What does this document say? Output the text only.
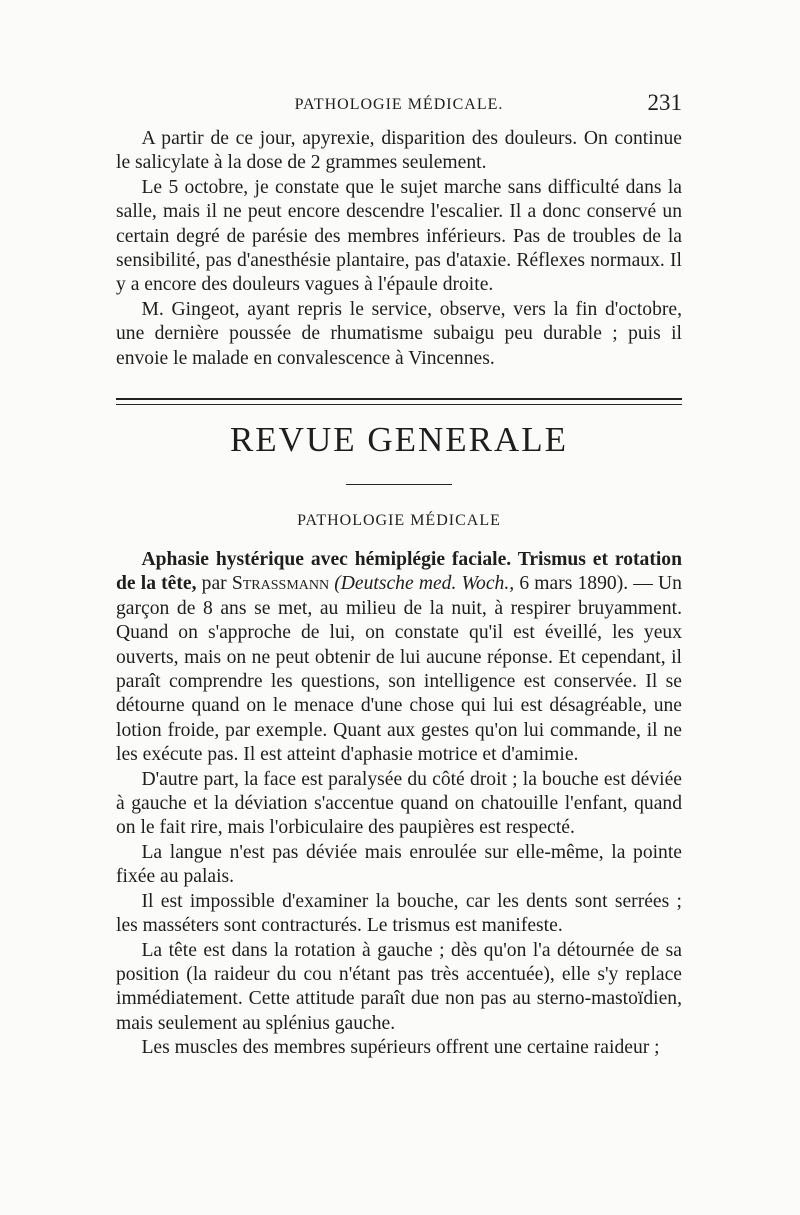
PATHOLOGIE MÉDICALE.	231

A partir de ce jour, apyrexie, disparition des douleurs. On continue le salicylate à la dose de 2 grammes seulement.

Le 5 octobre, je constate que le sujet marche sans difficulté dans la salle, mais il ne peut encore descendre l'escalier. Il a donc conservé un certain degré de parésie des membres inférieurs. Pas de troubles de la sensibilité, pas d'anesthésie plantaire, pas d'ataxie. Réflexes normaux. Il y a encore des douleurs vagues à l'épaule droite.

M. Gingeot, ayant repris le service, observe, vers la fin d'octobre, une dernière poussée de rhumatisme subaigu peu durable ; puis il envoie le malade en convalescence à Vincennes.

REVUE GENERALE
PATHOLOGIE MÉDICALE

Aphasie hystérique avec hémiplégie faciale. Trismus et rotation de la tête, par Strassmann (Deutsche med. Woch., 6 mars 1890). — Un garçon de 8 ans se met, au milieu de la nuit, à respirer bruyamment. Quand on s'approche de lui, on constate qu'il est éveillé, les yeux ouverts, mais on ne peut obtenir de lui aucune réponse. Et cependant, il paraît comprendre les questions, son intelligence est conservée. Il se détourne quand on le menace d'une chose qui lui est désagréable, une lotion froide, par exemple. Quant aux gestes qu'on lui commande, il ne les exécute pas. Il est atteint d'aphasie motrice et d'amimie.

D'autre part, la face est paralysée du côté droit ; la bouche est déviée à gauche et la déviation s'accentue quand on chatouille l'enfant, quand on le fait rire, mais l'orbiculaire des paupières est respecté.

La langue n'est pas déviée mais enroulée sur elle-même, la pointe fixée au palais.

Il est impossible d'examiner la bouche, car les dents sont serrées ; les masséters sont contracturés. Le trismus est manifeste.

La tête est dans la rotation à gauche ; dès qu'on l'a détournée de sa position (la raideur du cou n'étant pas très accentuée), elle s'y replace immédiatement. Cette attitude paraît due non pas au sterno-mastoïdien, mais seulement au splénius gauche.

Les muscles des membres supérieurs offrent une certaine raideur ;
